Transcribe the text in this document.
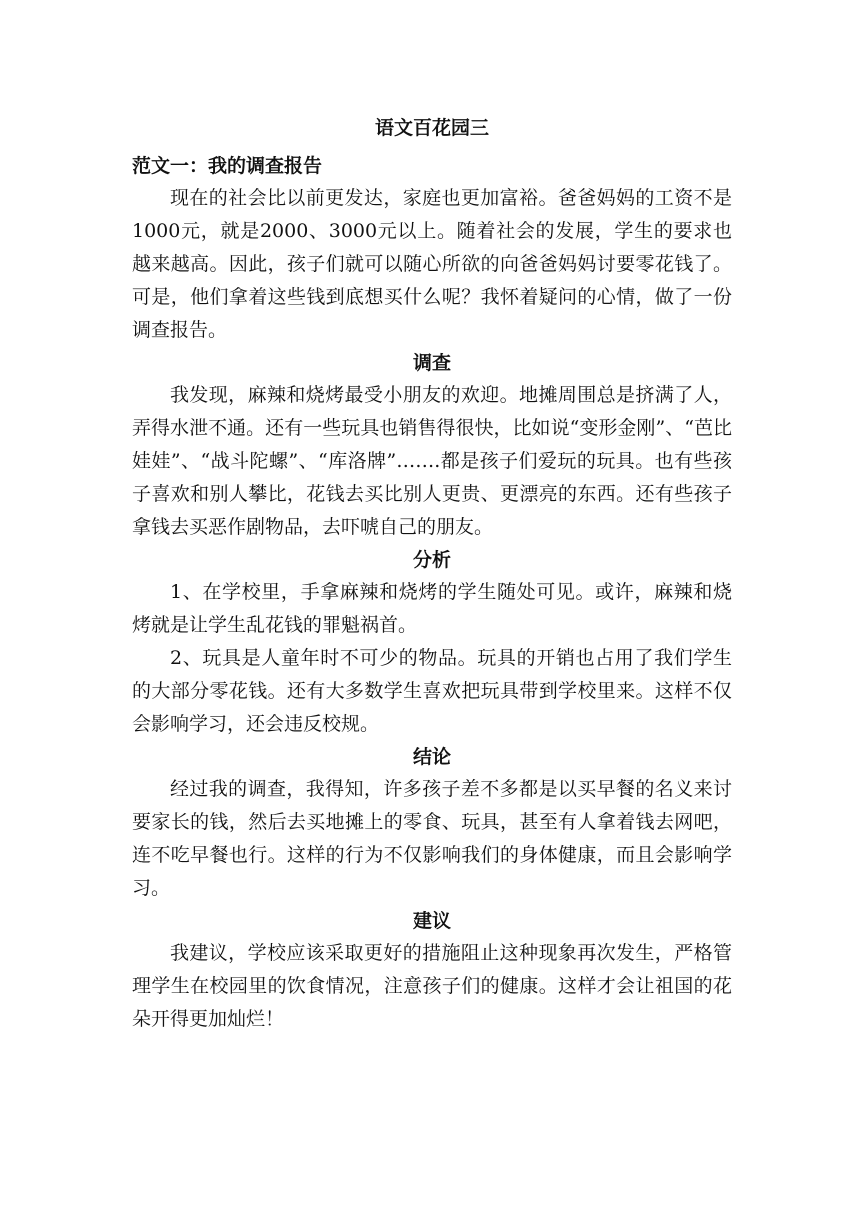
语文百花园三
范文一：我的调查报告

现在的社会比以前更发达，家庭也更加富裕。爸爸妈妈的工资不是1000元，就是2000、3000元以上。随着社会的发展，学生的要求也越来越高。因此，孩子们就可以随心所欲的向爸爸妈妈讨要零花钱了。可是，他们拿着这些钱到底想买什么呢？我怀着疑问的心情，做了一份调查报告。

调查

我发现，麻辣和烧烤最受小朋友的欢迎。地摊周围总是挤满了人，弄得水泄不通。还有一些玩具也销售得很快，比如说“变形金刚”、“芭比娃娃”、“战斗陀螺”、“库洛牌”…….都是孩子们爱玩的玩具。也有些孩子喜欢和别人攀比，花钱去买比别人更贵、更漂亮的东西。还有些孩子拿钱去买恶作剧物品，去吓唬自己的朋友。

分析

1、在学校里，手拿麻辣和烧烤的学生随处可见。或许，麻辣和烧烤就是让学生乱花钱的罪魁祸首。

2、玩具是人童年时不可少的物品。玩具的开销也占用了我们学生的大部分零花钱。还有大多数学生喜欢把玩具带到学校里来。这样不仅会影响学习，还会违反校规。

结论

经过我的调查，我得知，许多孩子差不多都是以买早餐的名义来讨要家长的钱，然后去买地摊上的零食、玩具，甚至有人拿着钱去网吧，连不吃早餐也行。这样的行为不仅影响我们的身体健康，而且会影响学习。

建议

我建议，学校应该采取更好的措施阻止这种现象再次发生，严格管理学生在校园里的饮食情况，注意孩子们的健康。这样才会让祖国的花朵开得更加灿烂！
